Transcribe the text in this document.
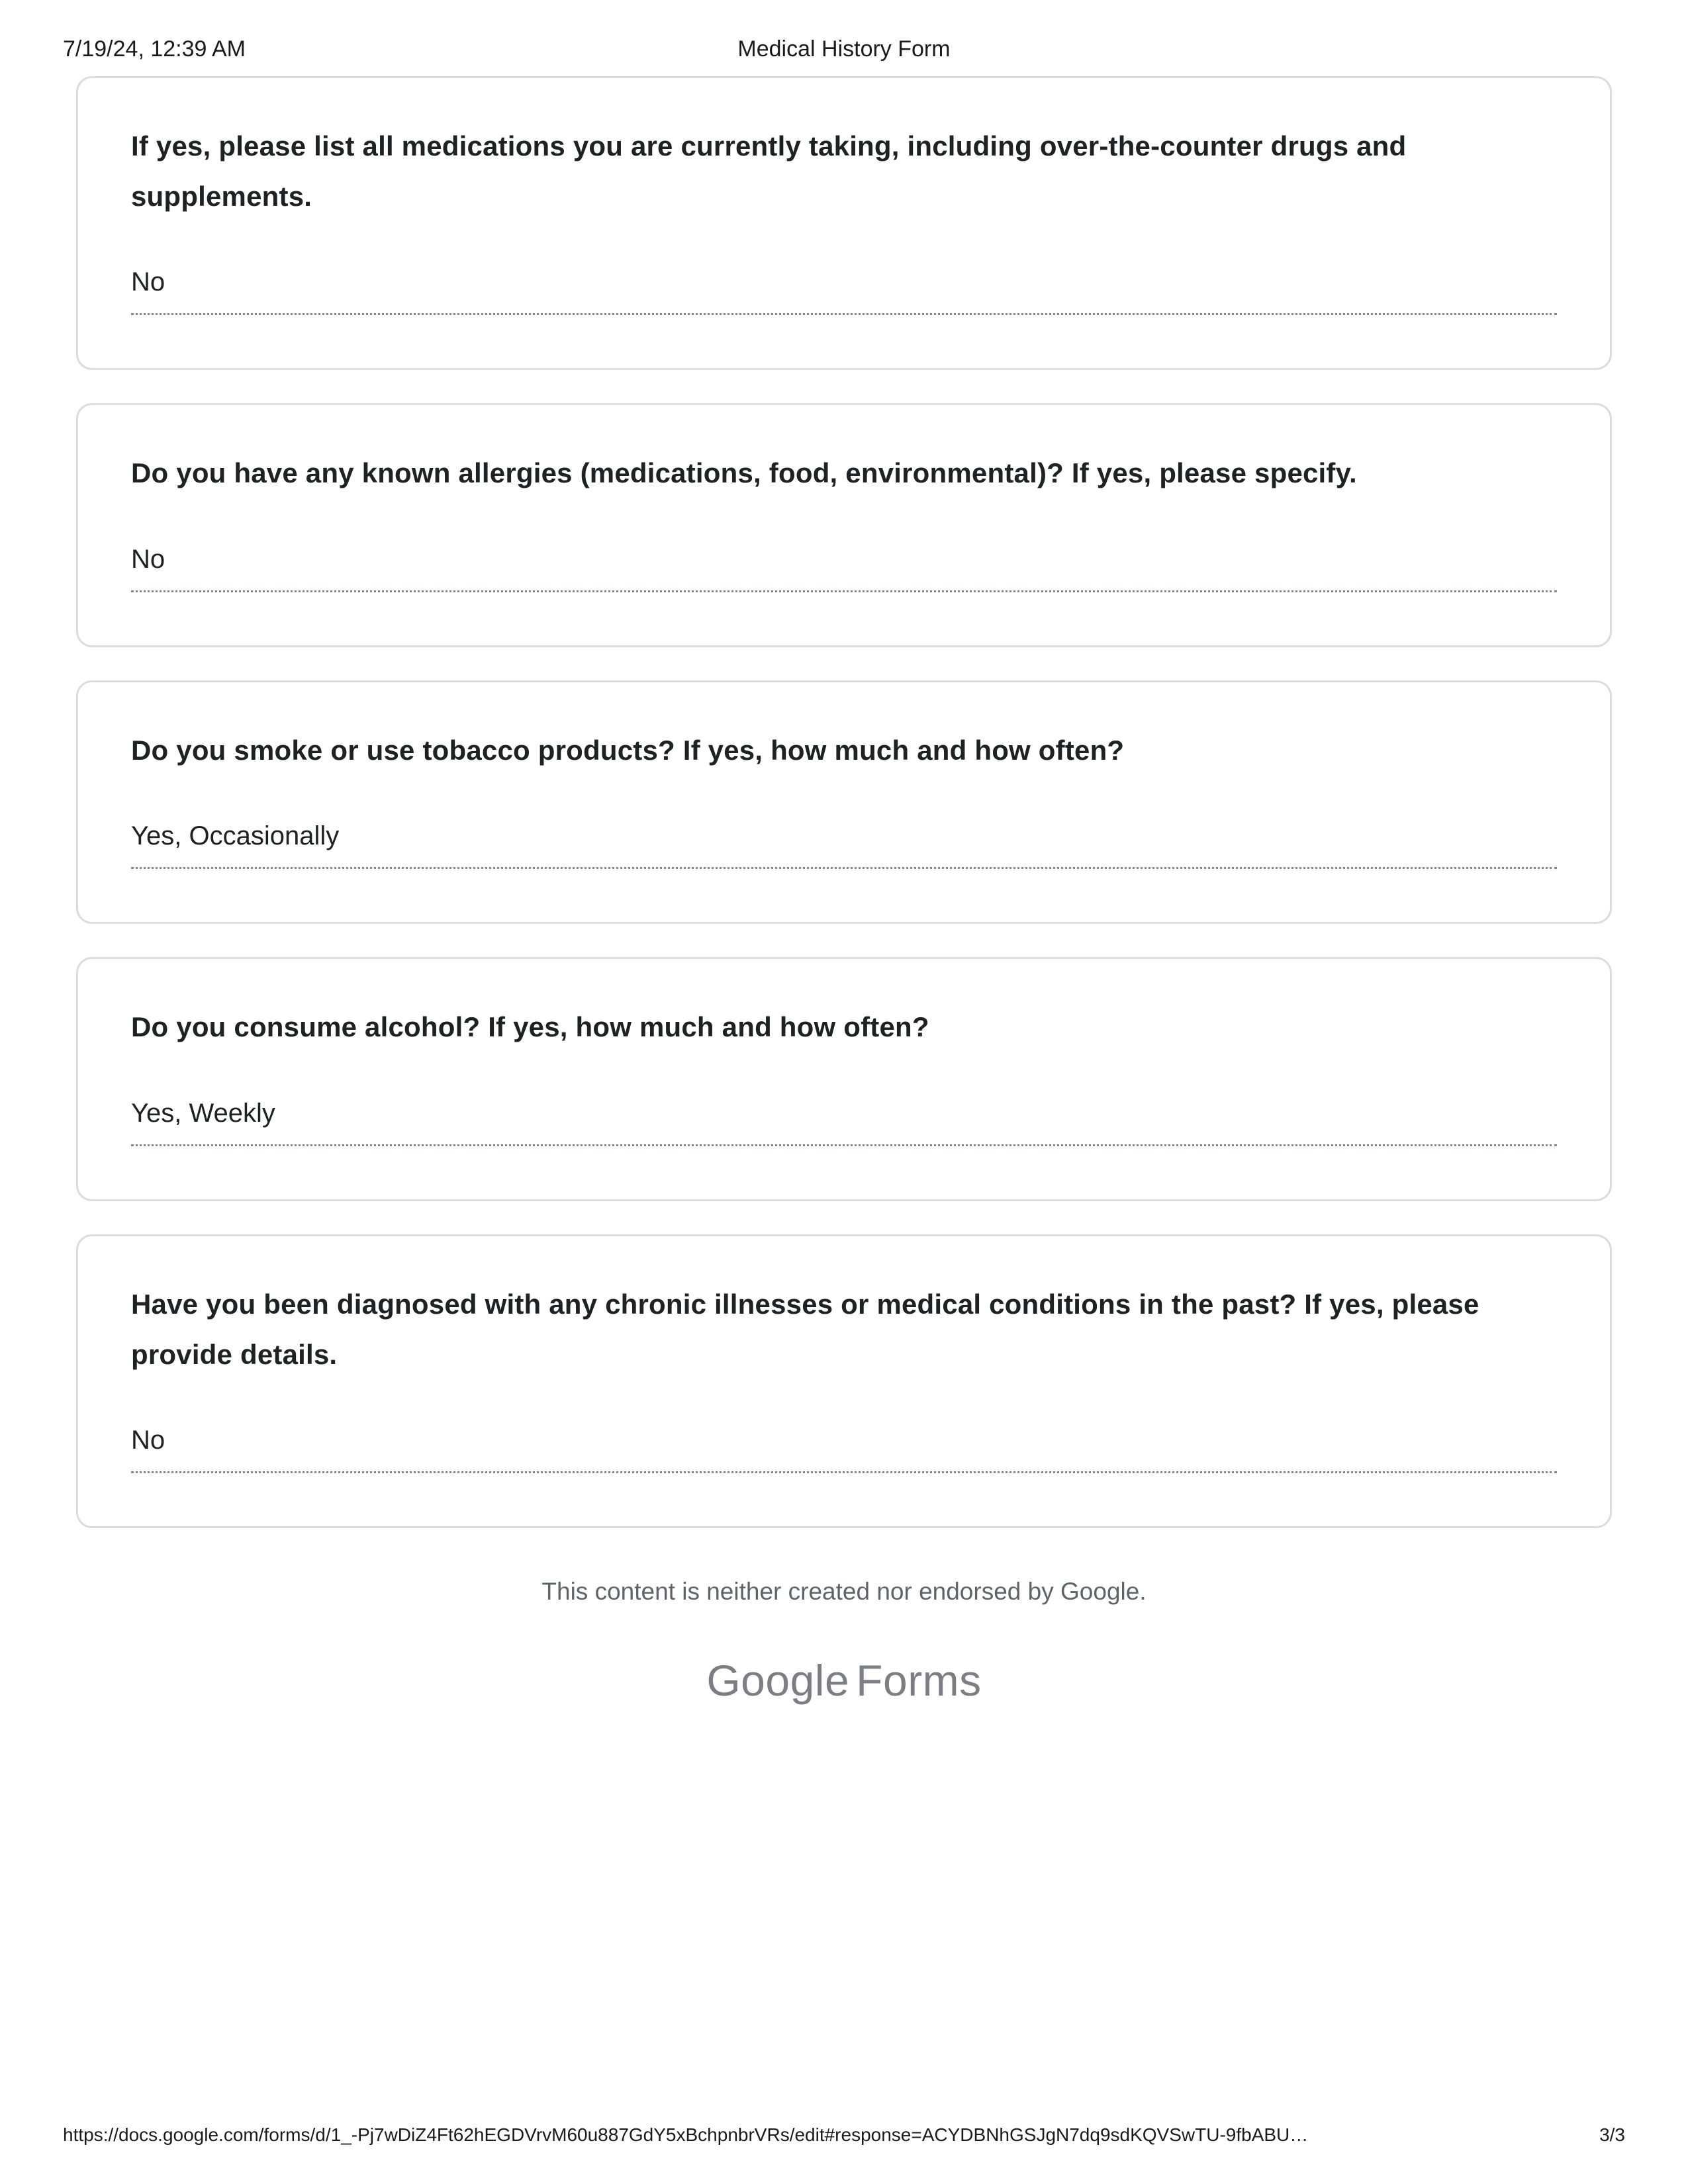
7/19/24, 12:39 AM	Medical History Form
If yes, please list all medications you are currently taking, including over-the-counter drugs and supplements.
No
Do you have any known allergies (medications, food, environmental)? If yes, please specify.
No
Do you smoke or use tobacco products? If yes, how much and how often?
Yes, Occasionally
Do you consume alcohol? If yes, how much and how often?
Yes, Weekly
Have you been diagnosed with any chronic illnesses or medical conditions in the past? If yes, please provide details.
No
This content is neither created nor endorsed by Google.
Google Forms
https://docs.google.com/forms/d/1_-Pj7wDiZ4Ft62hEGDVrvM60u887GdY5xBchpnbrVRs/edit#response=ACYDBNhGSJgN7dq9sdKQVSwTU-9fbABU…	3/3
